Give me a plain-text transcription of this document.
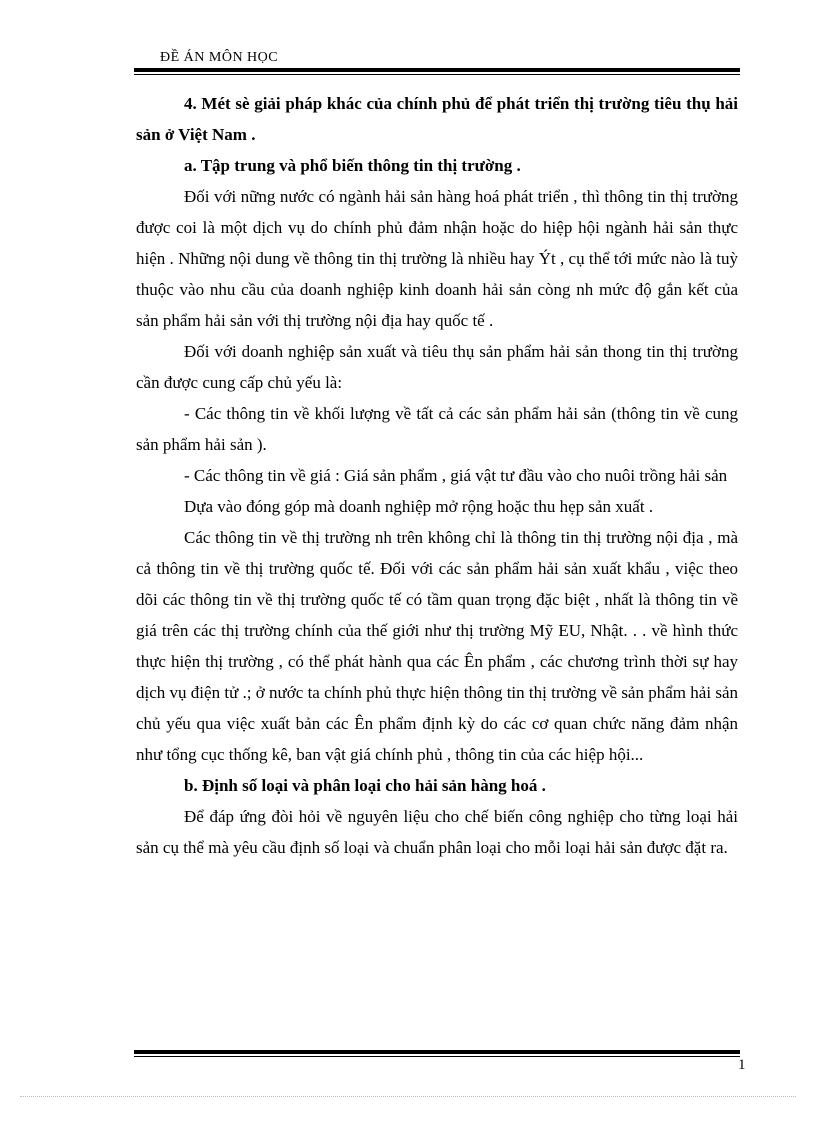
ĐỀ ÁN MÔN HỌC

4. Mét sè giải pháp khác của chính phủ để phát triển thị trường tiêu thụ hải sản ở Việt Nam .

a. Tập trung và phổ biến thông tin thị trường .

Đối với nững nước có ngành hải sản hàng hoá phát triển , thì thông tin thị trường được coi là một dịch vụ do chính phủ đảm nhận hoặc do hiệp hội ngành hải sản thực hiện . Những nội dung về thông tin thị trường là nhiều hay Ýt , cụ thể tới mức nào là tuỳ thuộc vào nhu cầu của doanh nghiệp kinh doanh hải sản còng nh mức độ gắn kết của sản phẩm hải sản với thị trường nội địa hay quốc tế .

Đối với doanh nghiệp sản xuất và tiêu thụ sản phẩm hải sản thong tin thị trường cần được cung cấp chủ yếu là:

- Các thông tin về khối lượng về tất cả các sản phẩm hải sản (thông tin về cung sản phẩm hải sản ).

- Các thông tin về giá : Giá sản phẩm , giá vật tư đầu vào cho nuôi trồng hải sản

Dựa vào đóng góp mà doanh nghiệp mở rộng hoặc thu hẹp sản xuất .

Các thông tin về thị trường nh trên không chỉ là thông tin thị trường nội địa , mà cả thông tin về thị trường quốc tế. Đối với các sản phẩm hải sản xuất khẩu , việc theo dõi các thông tin về thị trường quốc tế có tầm quan trọng đặc biệt , nhất là thông tin về giá trên các thị trường chính của thế giới như thị trường Mỹ EU, Nhật. . . về hình thức thực hiện thị trường , có thể phát hành qua các Ên phẩm , các chương trình thời sự hay dịch vụ điện tử .; ở nước ta chính phủ thực hiện thông tin thị trường về sản phẩm hải sản chủ yếu qua việc xuất bản các Ên phẩm định kỳ do các cơ quan chức năng đảm nhận như tổng cục thống kê, ban vật giá chính phủ , thông tin của các hiệp hội...

b. Định số loại và phân loại cho hải sản hàng hoá .

Để đáp ứng đòi hỏi về nguyên liệu cho chế biến công nghiệp cho từng loại hải sản cụ thể mà yêu cầu định số loại và chuẩn phân loại cho mỗi loại hải sản được đặt ra.

1
